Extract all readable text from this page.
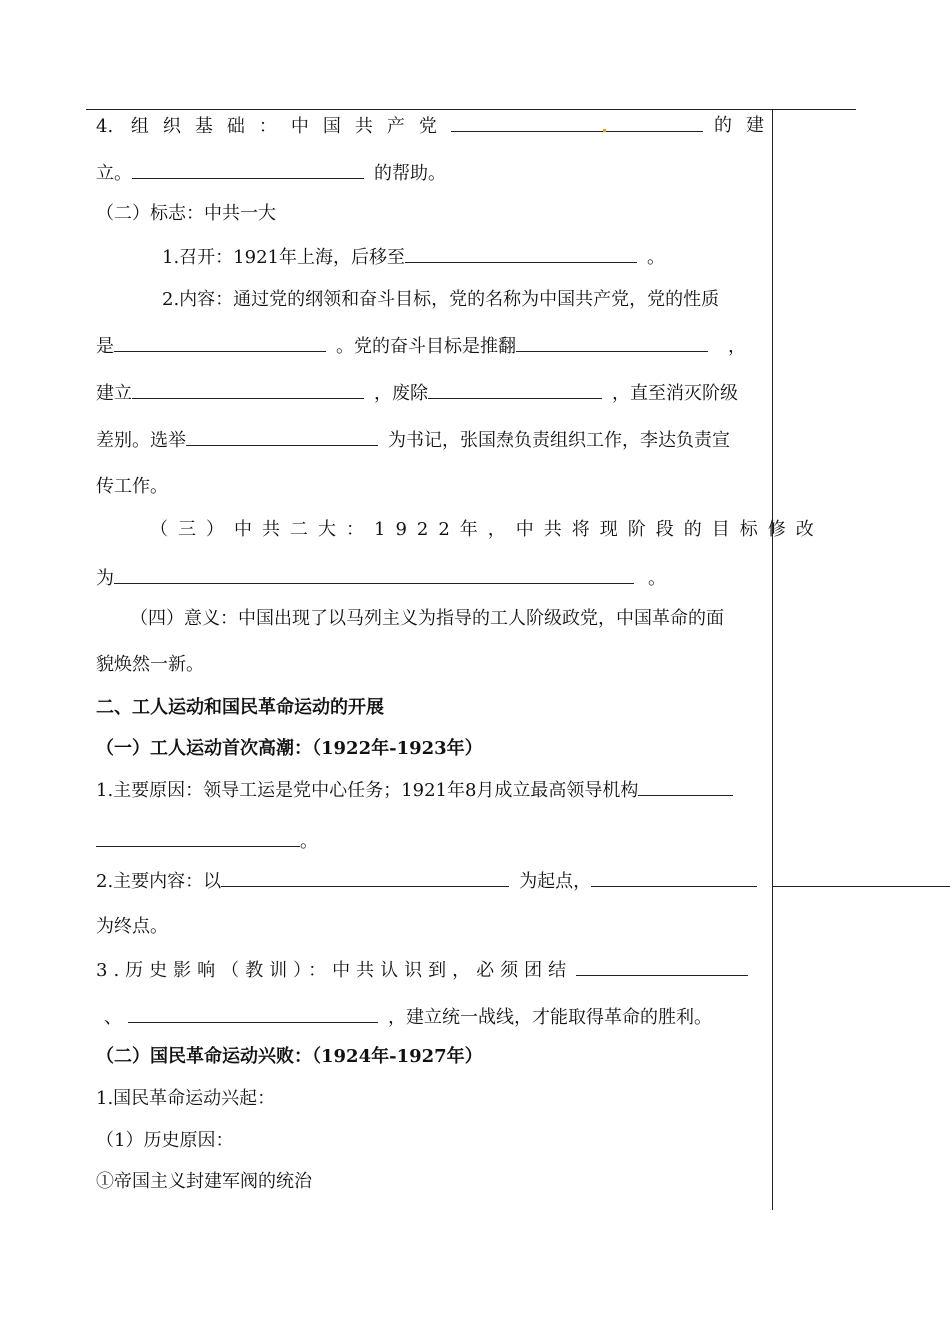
4. 组织基础：中国共产党	的建
立。	的帮助。
（二）标志：中共一大
1.召开：1921年上海，后移至	。
2.内容：通过党的纲领和奋斗目标，党的名称为中国共产党，党的性质
是	。党的奋斗目标是推翻	，
建立	，废除	，直至消灭阶级
差别。选举	为书记，张国焘负责组织工作，李达负责宣
传工作。
（三）中共二大：1922年，中共将现阶段的目标修改
为	。
（四）意义：中国出现了以马列主义为指导的工人阶级政党，中国革命的面
貌焕然一新。
二、工人运动和国民革命运动的开展
（一）工人运动首次高潮：（1922年-1923年）
1.主要原因：领导工运是党中心任务；1921年8月成立最高领导机构
。
2.主要内容：以	为起点，
为终点。
3.历史影响（教训）：中共认识到，必须团结
、	，建立统一战线，才能取得革命的胜利。
（二）国民革命运动兴败：（1924年-1927年）
1.国民革命运动兴起：
（1）历史原因：
①帝国主义封建军阀的统治
